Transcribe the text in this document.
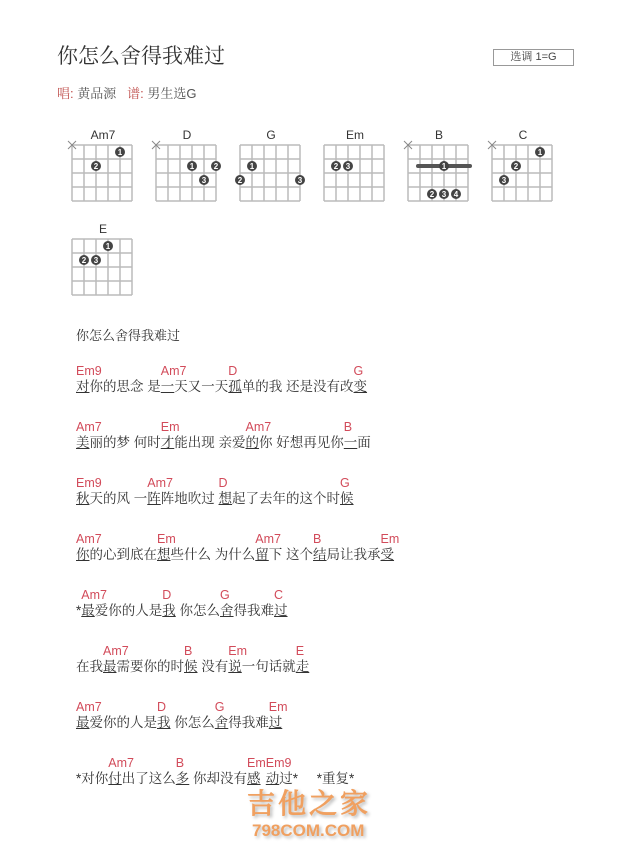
你怎么舍得我难过	选调 1=G
唱: 黄品源 谱: 男生选G
Am7
1
2
D
1 2
3
G
1
2	3
Em
2 3
B
1
2 3 4
C
1
2
3
E
1
2 3
你怎么舍得我难过
Em9
对你的思念 是
Am7
一天又一天
D
孤单的我 还是没有改
G
变
Am7
美丽的梦 何时
Em
才能出现 亲爱
Am7
的你 好想再见你
B
一面
Em9
秋天的风 一
Am7
阵阵地吹过
D
想起了去年的这个时
G
候
Am7
你的心到底在
Em
想些什么 为什么
Am7
留下 这个
B
结局让我承
Em
受

*
Am7
最爱你的人是
D
我 你怎么
G
舍得我难
C
过

在我
Am7
最需要你的时
B
候 没有
Em
说一句话就
E
走
Am7
最爱你的人是
D
我 你怎么
G
舍得我难
Em
过

*对你
Am7
付出了这么
B
多 你却没有
Em
感
Em9
动过*     *重复*
吉他之家
798COM.COM
